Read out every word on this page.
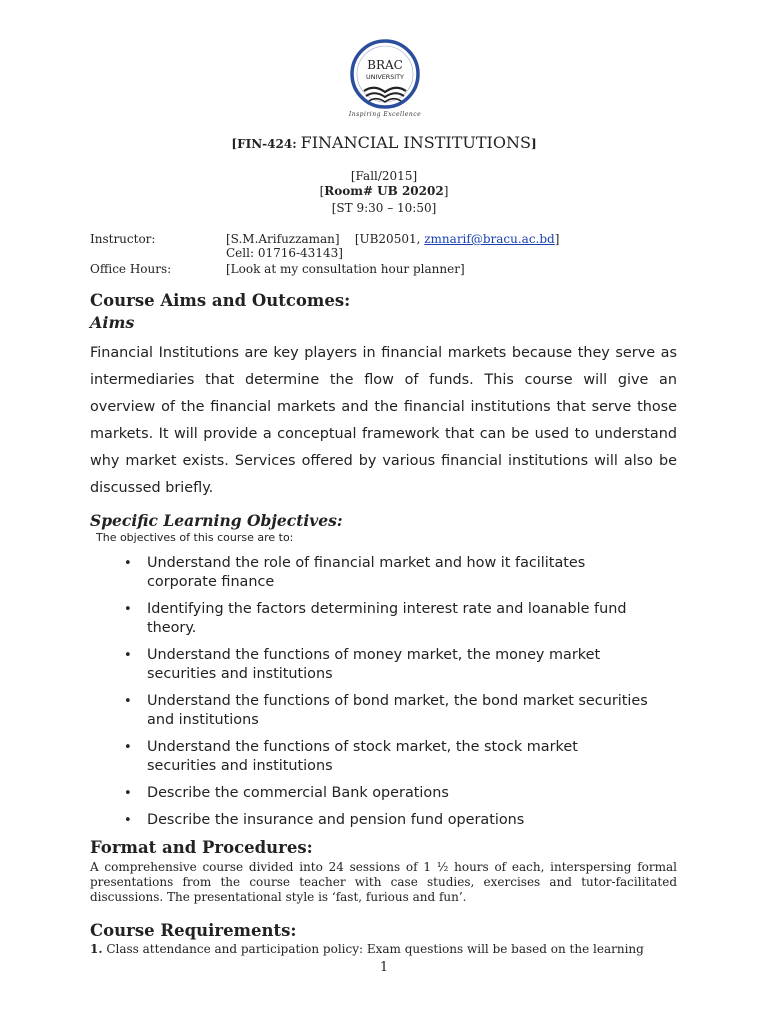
BRAC
UNIVERSITY
Inspiring Excellence
[FIN-424: FINANCIAL INSTITUTIONS]
[Fall/2015]
[Room# UB 20202]
[ST 9:30 – 10:50]
Instructor:	[S.M.Arifuzzaman] [UB20501, zmnarif@bracu.ac.bd]
Cell: 01716-43143]
Office Hours:	[Look at my consultation hour planner]
Course Aims and Outcomes:
Aims
Financial Institutions are key players in financial markets because they serve as intermediaries that determine the flow of funds. This course will give an overview of the financial markets and the financial institutions that serve those markets. It will provide a conceptual framework that can be used to understand why market exists. Services offered by various financial institutions will also be discussed briefly.
Specific Learning Objectives:
The objectives of this course are to:
• Understand the role of financial market and how it facilitates corporate finance
• Identifying the factors determining interest rate and loanable fund theory.
• Understand the functions of money market, the money market securities and institutions
• Understand the functions of bond market, the bond market securities and institutions
• Understand the functions of stock market, the stock market securities and institutions
• Describe the commercial Bank operations
• Describe the insurance and pension fund operations
Format and Procedures:
A comprehensive course divided into 24 sessions of 1 ½ hours of each, interspersing formal presentations from the course teacher with case studies, exercises and tutor-facilitated discussions. The presentational style is ‘fast, furious and fun’.
Course Requirements:
1. Class attendance and participation policy: Exam questions will be based on the learning
1
